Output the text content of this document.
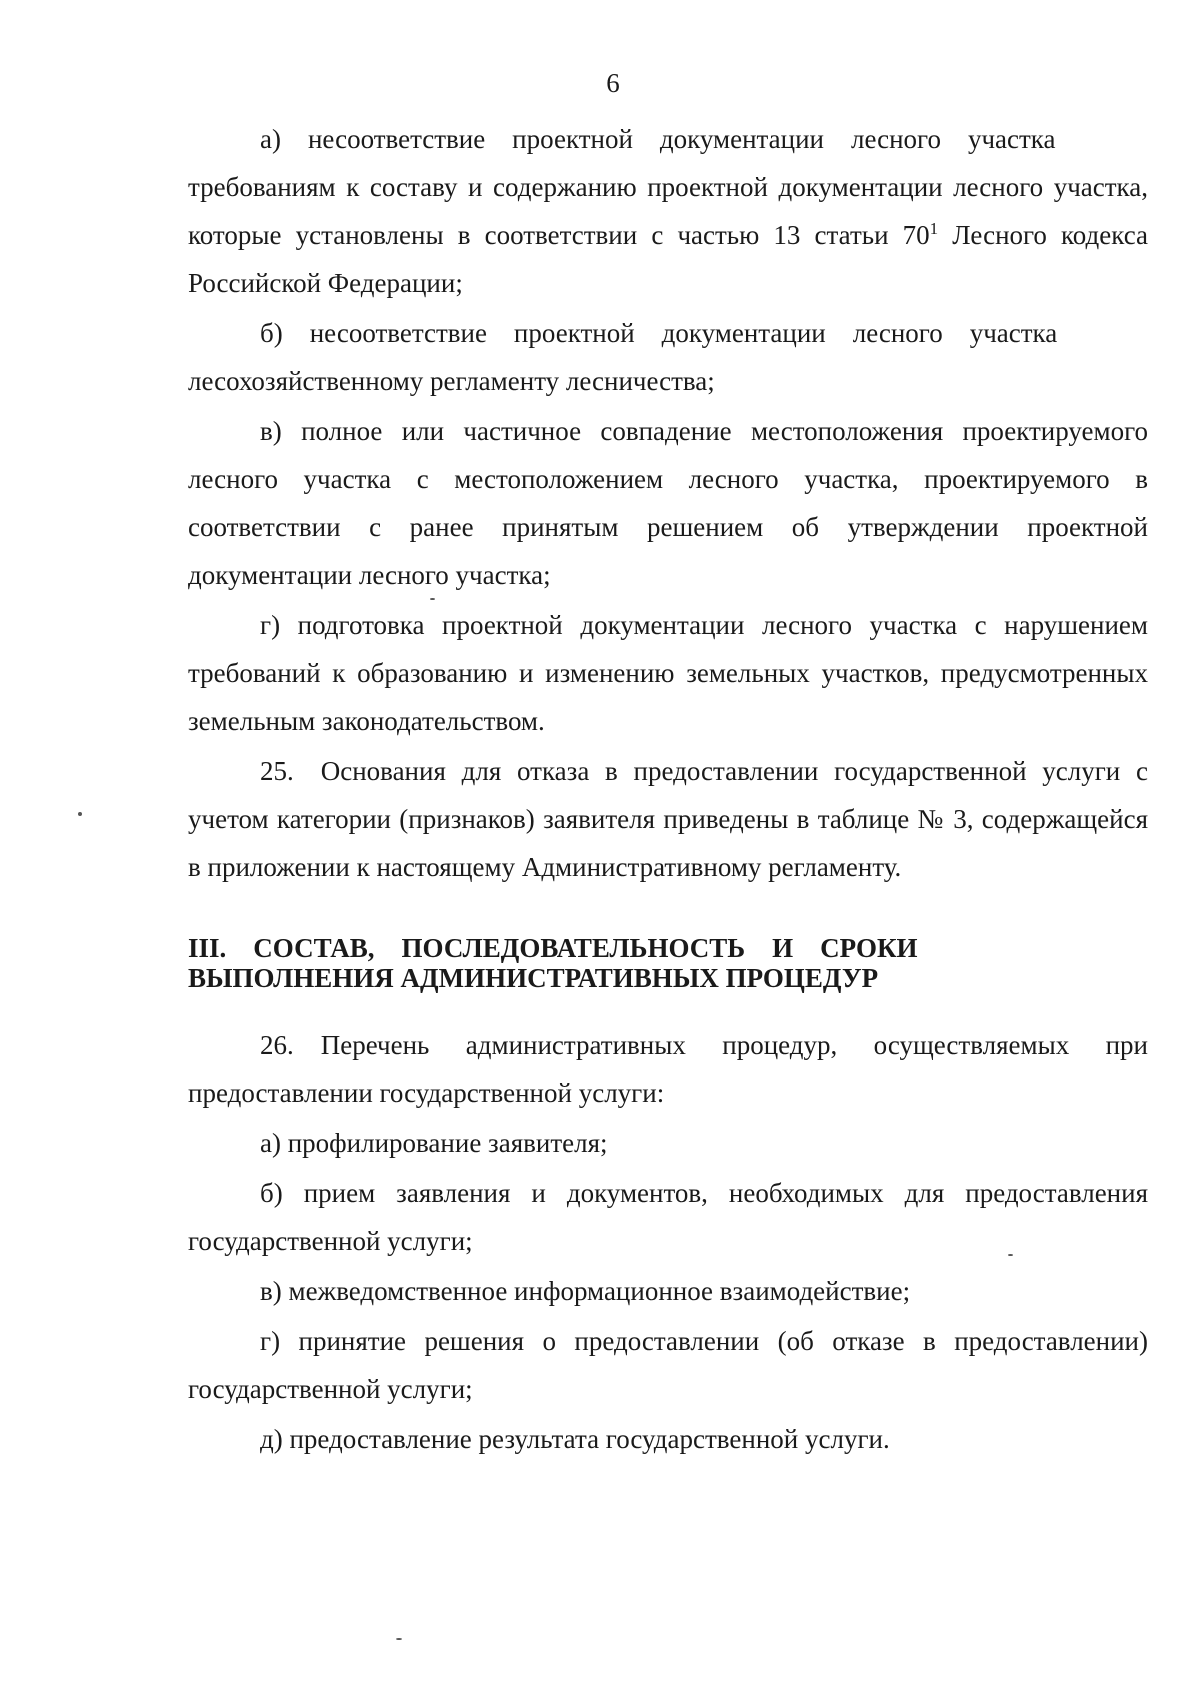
6

а) несоответствие проектной документации лесного участка требованиям к составу и содержанию проектной документации лесного участка, которые установлены в соответствии с частью 13 статьи $70^1$ Лесного кодекса Российской Федерации;

б) несоответствие проектной документации лесного участка лесохозяйственному регламенту лесничества;

в) полное или частичное совпадение местоположения проектируемого лесного участка с местоположением лесного участка, проектируемого в соответствии с ранее принятым решением об утверждении проектной документации лесного участка;

г) подготовка проектной документации лесного участка с нарушением требований к образованию и изменению земельных участков, предусмотренных земельным законодательством.

25. Основания для отказа в предоставлении государственной услуги с учетом категории (признаков) заявителя приведены в таблице № 3, содержащейся в приложении к настоящему Административному регламенту.

III. СОСТАВ, ПОСЛЕДОВАТЕЛЬНОСТЬ И СРОКИ
ВЫПОЛНЕНИЯ АДМИНИСТРАТИВНЫХ ПРОЦЕДУР

26. Перечень административных процедур, осуществляемых при предоставлении государственной услуги:

а) профилирование заявителя;

б) прием заявления и документов, необходимых для предоставления государственной услуги;

в) межведомственное информационное взаимодействие;

г) принятие решения о предоставлении (об отказе в предоставлении) государственной услуги;

д) предоставление результата государственной услуги.
